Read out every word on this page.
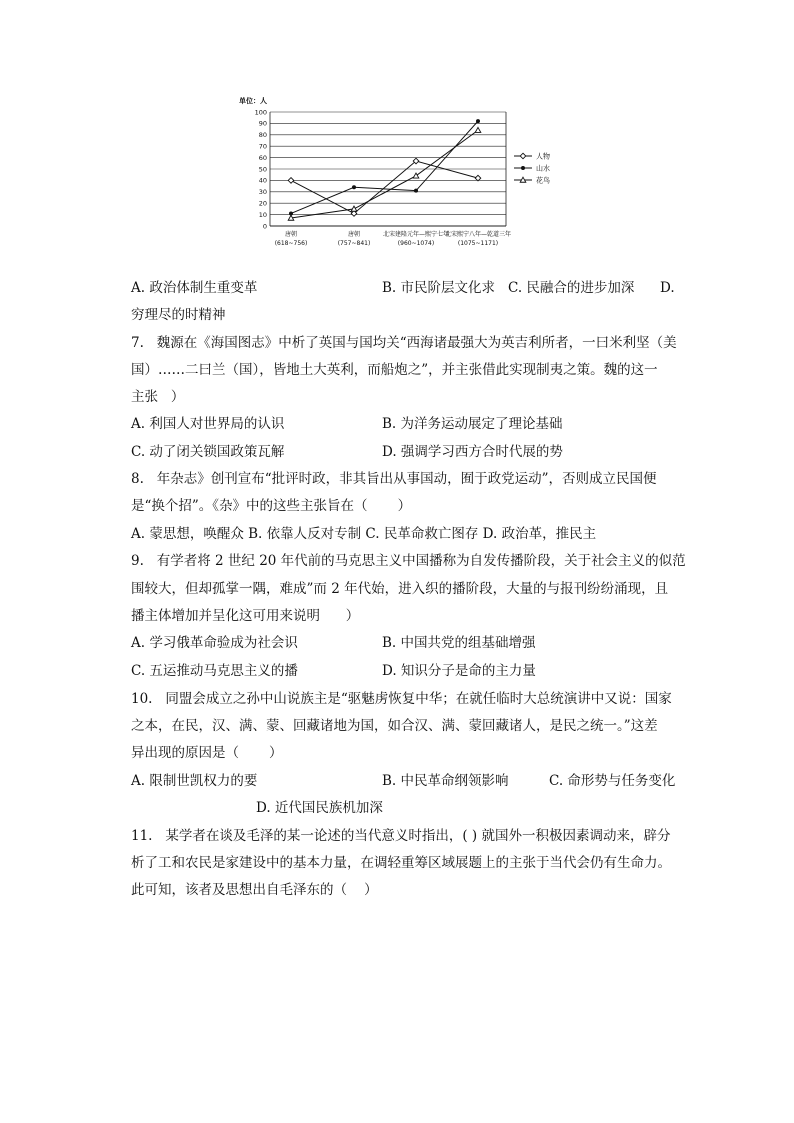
单位：人
0
10
20
30
40
50
60
70
80
90
100
唐朝
(618~756)
唐朝
(757~841)
北宋建隆元年—熙宁七年
(960~1074)
北宋熙宁八年—乾道三年
(1075~1171)
人物
山水
花鸟
A. 政治体制生重变革	B. 市民阶层文化求 C. 民融合的进步加深 D.
穷理尽的时精神
7.   魏源在《海国图志》中析了英国与国均关“西海诸最强大为英吉利所者，一曰米利坚（美
国）……二曰兰（国），皆地土大英利，而船炮之”，并主张借此实现制夷之策。魏的这一
主张   ）
A. 利国人对世界局的认识	B. 为洋务运动展定了理论基础
C. 动了闭关锁国政策瓦解	D. 强调学习西方合时代展的势
8.   年杂志》创刊宣布“批评时政，非其旨出从事国动，囿于政党运动”，否则成立民国便
是“换个招”。《杂》中的这些主张旨在（       ）
A. 蒙思想，唤醒众 B. 依靠人反对专制 C. 民革命救亡图存 D. 政治革，推民主
9.   有学者将 2 世纪 20 年代前的马克思主义中国播称为自发传播阶段，关于社会主义的似范
围较大，但却孤掌一隅，难成”而 2 年代始，进入织的播阶段，大量的与报刊纷纷涌现，且
播主体增加并呈化这可用来说明      ）
A. 学习俄革命验成为社会识	B. 中国共党的组基础增强
C. 五运推动马克思主义的播	D. 知识分子是命的主力量
10.   同盟会成立之孙中山说族主是“驱魅虏恢复中华；在就任临时大总统演讲中又说：国家
之本，在民，汉、满、蒙、回藏诸地为国，如合汉、满、蒙回藏诸人，是民之统一。”这差
异出现的原因是（       ）
A. 限制世凯权力的要	B. 中民革命纲领影响	C. 命形势与任务变化
D. 近代国民族机加深
11.   某学者在谈及毛泽的某一论述的当代意义时指出，( ) 就国外一积极因素调动来，辟分
析了工和农民是家建设中的基本力量，在调轻重筹区域展题上的主张于当代会仍有生命力。
此可知，该者及思想出自毛泽东的（    ）
